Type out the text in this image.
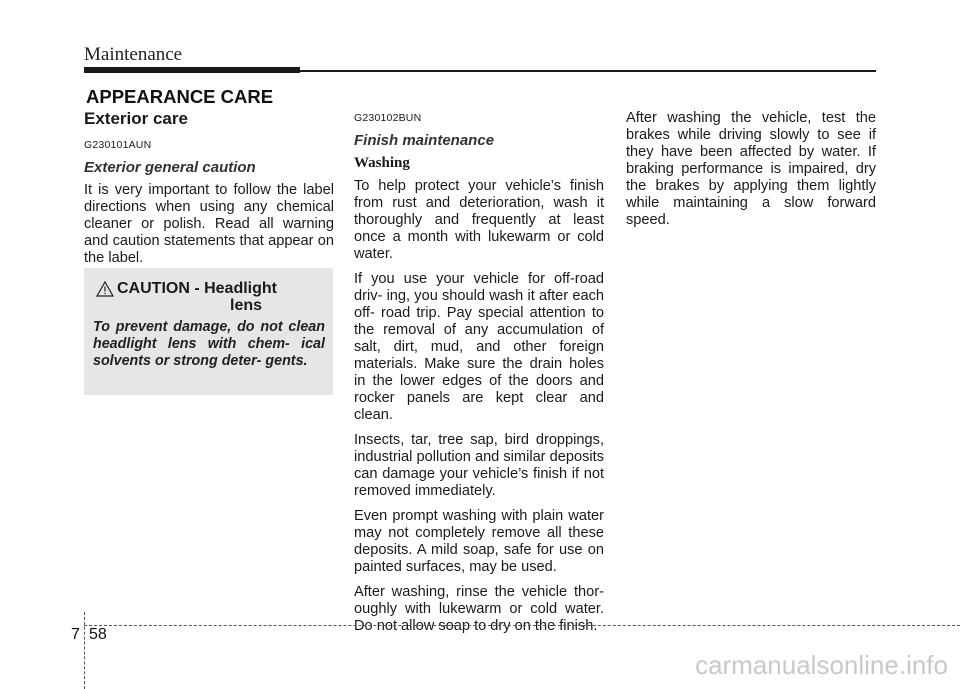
Maintenance
APPEARANCE CARE
Exterior care
G230101AUN
Exterior general caution

It is very important to follow the label directions when using any chemical cleaner or polish. Read all warning and caution statements that appear on the label.

CAUTION - Headlight
lens
To prevent damage, do not clean headlight lens with chem- ical solvents or strong deter- gents.
G230102BUN
Finish maintenance
Washing

To help protect your vehicle’s finish from rust and deterioration, wash it thoroughly and frequently at least once a month with lukewarm or cold water.

If you use your vehicle for off-road driv- ing, you should wash it after each off- road trip. Pay special attention to the removal of any accumulation of salt, dirt, mud, and other foreign materials. Make sure the drain holes in the lower edges of the doors and rocker panels are kept clear and clean.

Insects, tar, tree sap, bird droppings, industrial pollution and similar deposits can damage your vehicle’s finish if not removed immediately.

Even prompt washing with plain water may not completely remove all these deposits. A mild soap, safe for use on painted surfaces, may be used.

After washing, rinse the vehicle thor- oughly with lukewarm or cold water. Do not allow soap to dry on the finish.

After washing the vehicle, test the brakes while driving slowly to see if they have been affected by water. If braking performance is impaired, dry the brakes by applying them lightly while maintaining a slow forward speed.

7 58
carmanualsonline.info
